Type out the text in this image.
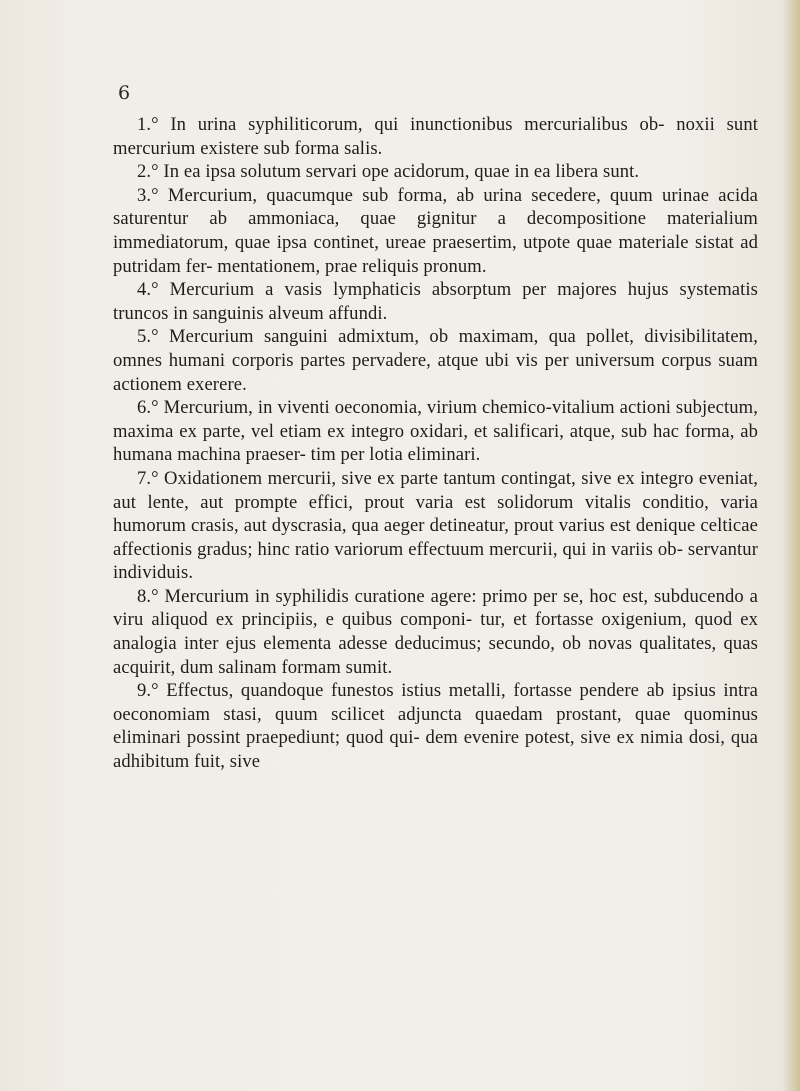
6

1.° In urina syphiliticorum, qui inunctionibus mercurialibus ob- noxii sunt mercurium existere sub forma salis.

2.° In ea ipsa solutum servari ope acidorum, quae in ea libera sunt.

3.° Mercurium, quacumque sub forma, ab urina secedere, quum urinae acida saturentur ab ammoniaca, quae gignitur a decompositione materialium immediatorum, quae ipsa continet, ureae praesertim, utpote quae materiale sistat ad putridam fer- mentationem, prae reliquis pronum.

4.° Mercurium a vasis lymphaticis absorptum per majores hujus systematis truncos in sanguinis alveum affundi.

5.° Mercurium sanguini admixtum, ob maximam, qua pollet, divisibilitatem, omnes humani corporis partes pervadere, atque ubi vis per universum corpus suam actionem exerere.

6.° Mercurium, in viventi oeconomia, virium chemico-vitalium actioni subjectum, maxima ex parte, vel etiam ex integro oxidari, et salificari, atque, sub hac forma, ab humana machina praeser- tim per lotia eliminari.

7.° Oxidationem mercurii, sive ex parte tantum contingat, sive ex integro eveniat, aut lente, aut prompte effici, prout varia est solidorum vitalis conditio, varia humorum crasis, aut dyscrasia, qua aeger detineatur, prout varius est denique celticae affectionis gradus; hinc ratio variorum effectuum mercurii, qui in variis ob- servantur individuis.

8.° Mercurium in syphilidis curatione agere: primo per se, hoc est, subducendo a viru aliquod ex principiis, e quibus componi- tur, et fortasse oxigenium, quod ex analogia inter ejus elementa adesse deducimus; secundo, ob novas qualitates, quas acquirit, dum salinam formam sumit.

9.° Effectus, quandoque funestos istius metalli, fortasse pendere ab ipsius intra oeconomiam stasi, quum scilicet adjuncta quaedam prostant, quae quominus eliminari possint praepediunt; quod qui- dem evenire potest, sive ex nimia dosi, qua adhibitum fuit, sive
